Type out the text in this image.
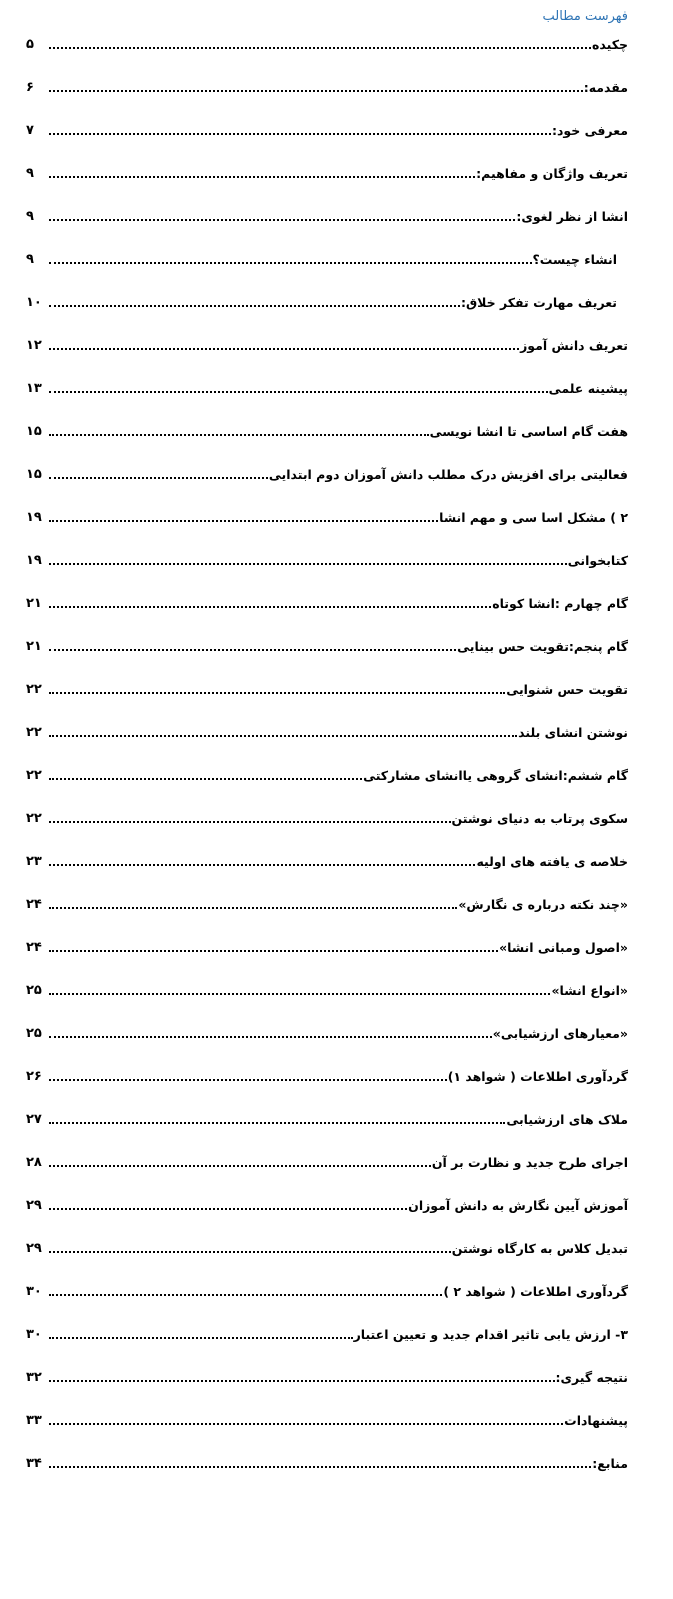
فهرست مطالب
چکیده
۵
مقدمه:
۶
معرفی خود:
۷
تعریف واژگان و مفاهیم:
۹
انشا از نظر لغوی:
۹
انشاء چیست؟
۹
تعریف مهارت تفکر خلاق:
۱۰
تعریف دانش آموز
۱۲
پیشینه علمی
۱۳
هفت گام اساسی تا انشا نویسی
۱۵
فعالیتی برای افزیش درک مطلب دانش آموزان دوم ابتدایی
۱۵
۲ ) مشکل اسا سی و مهم انشا
۱۹
کتابخوانی
۱۹
گام چهارم :انشا کوتاه
۲۱
گام پنجم:تقویت حس بینایی
۲۱
تقویت حس شنوایی
۲۲
نوشتن انشای بلند
۲۲
گام ششم:انشای گروهی یاانشای مشارکتی
۲۲
سکوی پرتاب به دنیای نوشتن
۲۲
خلاصه ی یافته های اولیه
۲۳
«چند نکته درباره ی نگارش»
۲۴
«اصول ومبانی انشا»
۲۴
«انواع انشا»
۲۵
«معیارهای ارزشیابی»
۲۵
گردآوری اطلاعات ( شواهد ۱)
۲۶
ملاک های ارزشیابی
۲۷
اجرای طرح جدید و نظارت بر آن
۲۸
آموزش آیین نگارش به دانش آموزان
۲۹
تبدیل کلاس به کارگاه نوشتن
۲۹
گردآوری اطلاعات ( شواهد ۲ )
۳۰
۳- ارزش یابی تاثیر اقدام جدید و تعیین اعتبار
۳۰
نتیجه گیری:
۳۲
پیشنهادات
۳۳
منابع:
۳۴
